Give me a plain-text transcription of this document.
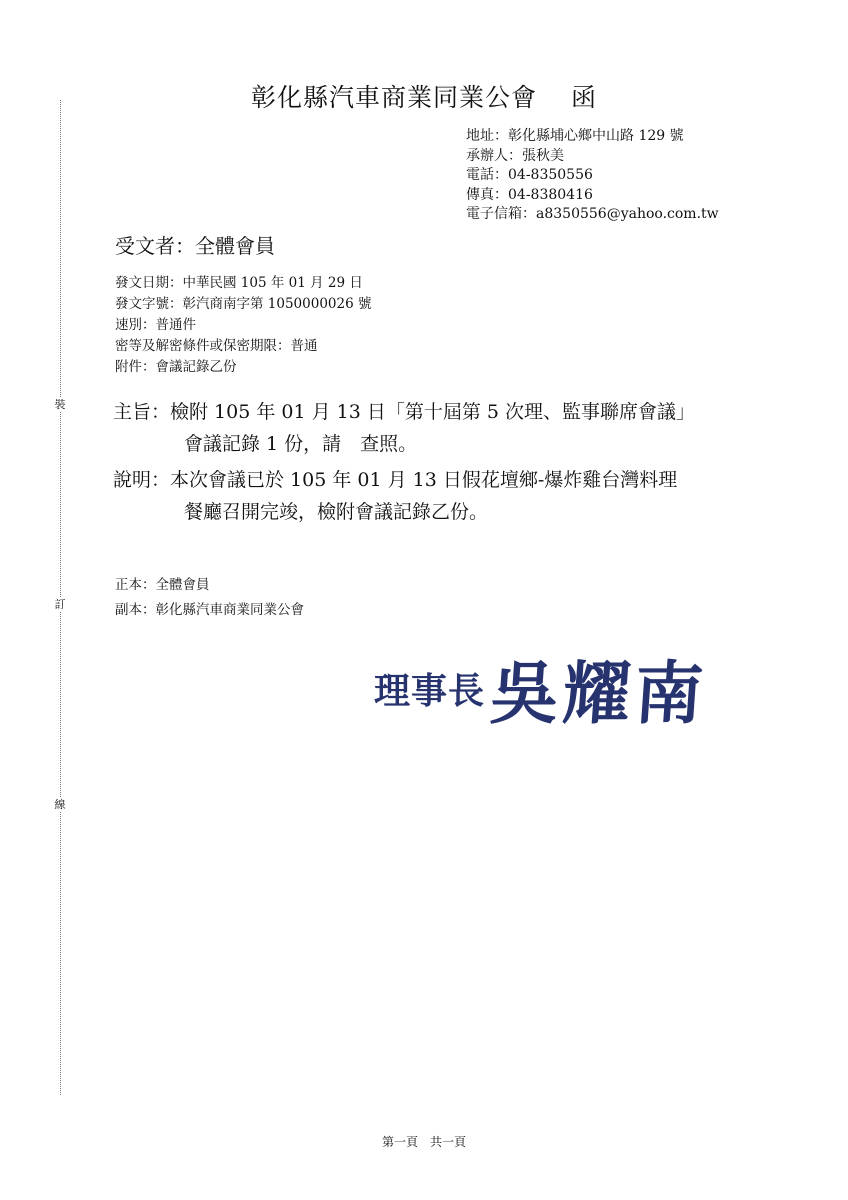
裝
訂
線
彰化縣汽車商業同業公會 函
地址：彰化縣埔心鄉中山路 129 號
承辦人：張秋美
電話：04-8350556
傳真：04-8380416
電子信箱：a8350556@yahoo.com.tw
受文者：全體會員
發文日期：中華民國 105 年 01 月 29 日
發文字號：彰汽商南字第 1050000026 號
速別：普通件
密等及解密條件或保密期限：普通
附件：會議記錄乙份
主旨：檢附 105 年 01 月 13 日「第十屆第 5 次理、監事聯席會議」
會議記錄 1 份，請　查照。
說明：本次會議已於 105 年 01 月 13 日假花壇鄉-爆炸雞台灣料理
餐廳召開完竣，檢附會議記錄乙份。
正本：全體會員
副本：彰化縣汽車商業同業公會
理事長 吳耀南
第一頁　共一頁
